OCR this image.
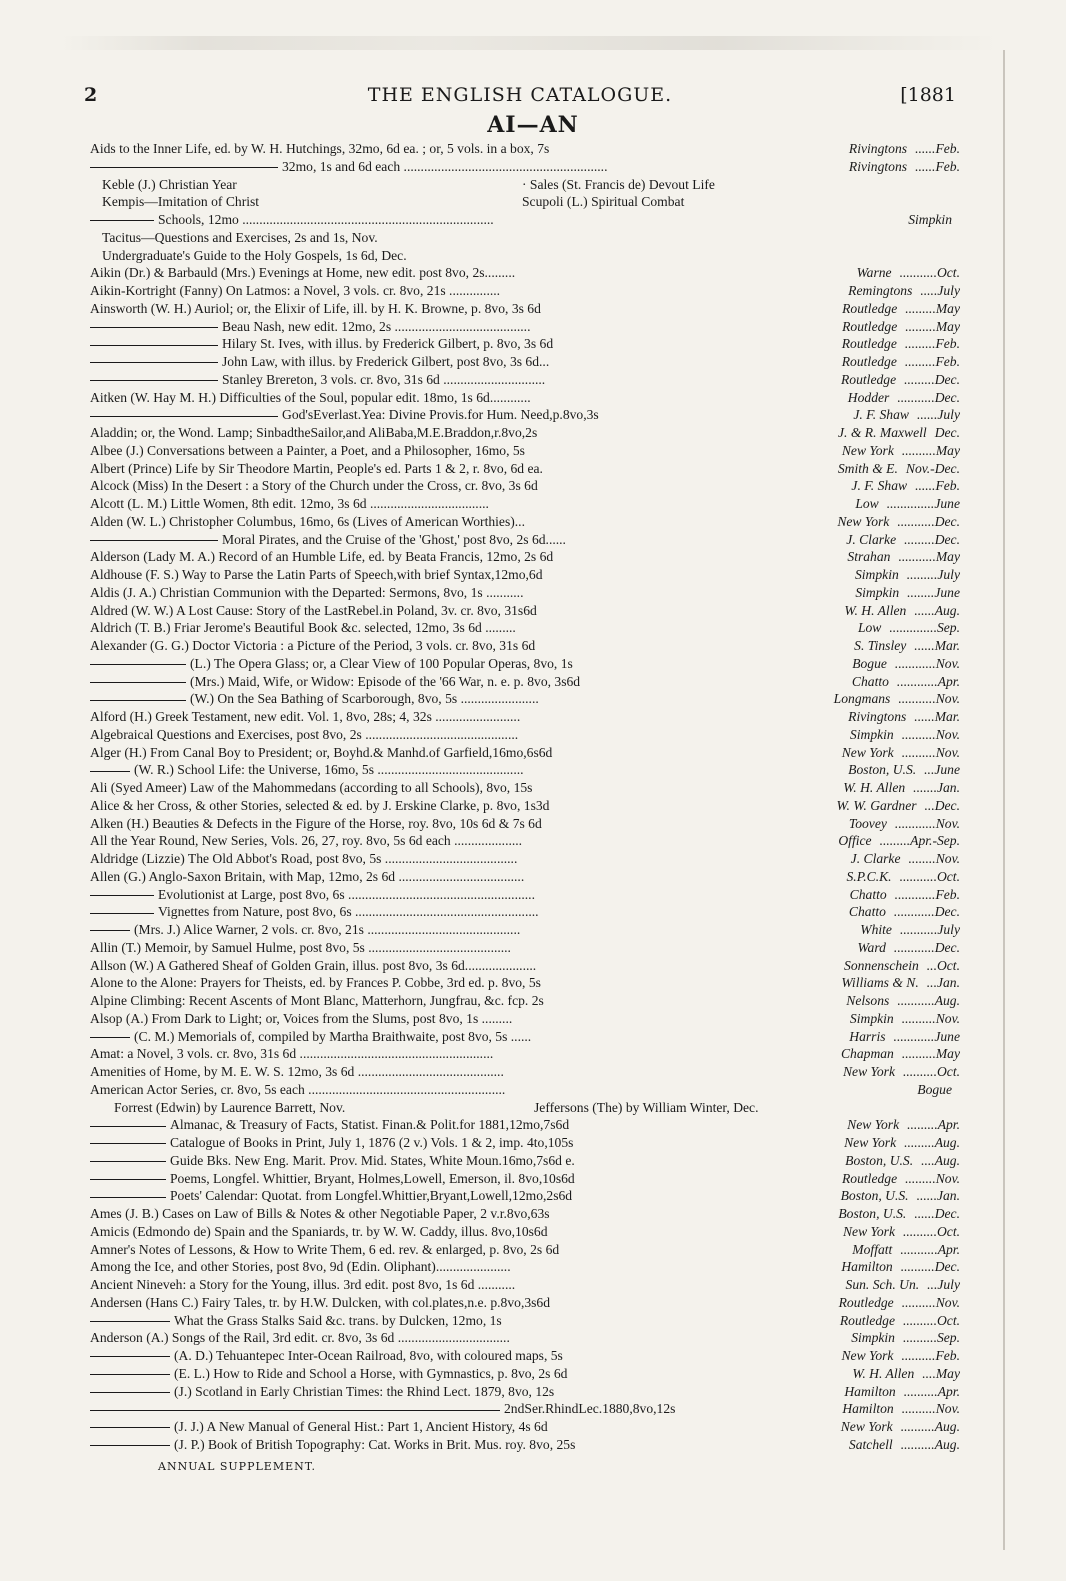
2	THE ENGLISH CATALOGUE.	[1881
AI—AN
Aids to the Inner Life, ed. by W. H. Hutchings, 32mo, 6d ea. ; or, 5 vols. in a box, 7s	Rivingtons ......Feb.
32mo, 1s and 6d each ............................................................	Rivingtons ......Feb.
Keble (J.) Christian Year	· Sales (St. Francis de) Devout Life
Kempis—Imitation of Christ	Scupoli (L.) Spiritual Combat
Schools, 12mo ..........................................................................	Simpkin
Tacitus—Questions and Exercises, 2s and 1s, Nov.
Undergraduate's Guide to the Holy Gospels, 1s 6d, Dec.
Aikin (Dr.) & Barbauld (Mrs.) Evenings at Home, new edit. post 8vo, 2s.........	Warne ...........Oct.
Aikin-Kortright (Fanny) On Latmos: a Novel, 3 vols. cr. 8vo, 21s ...............	Remingtons .....July
Ainsworth (W. H.) Auriol; or, the Elixir of Life, ill. by H. K. Browne, p. 8vo, 3s 6d	Routledge .........May
Beau Nash, new edit. 12mo, 2s ........................................	Routledge .........May
Hilary St. Ives, with illus. by Frederick Gilbert, p. 8vo, 3s 6d	Routledge .........Feb.
John Law, with illus. by Frederick Gilbert, post 8vo, 3s 6d...	Routledge .........Feb.
Stanley Brereton, 3 vols. cr. 8vo, 31s 6d ..............................	Routledge .........Dec.
Aitken (W. Hay M. H.) Difficulties of the Soul, popular edit. 18mo, 1s 6d............	Hodder ...........Dec.
God'sEverlast.Yea: Divine Provis.for Hum. Need,p.8vo,3s	J. F. Shaw ......July
Aladdin; or, the Wond. Lamp; SinbadtheSailor,and AliBaba,M.E.Braddon,r.8vo,2s	J. & R. Maxwell Dec.
Albee (J.) Conversations between a Painter, a Poet, and a Philosopher, 16mo, 5s	New York ..........May
Albert (Prince) Life by Sir Theodore Martin, People's ed. Parts 1 & 2, r. 8vo, 6d ea.	Smith & E. Nov.-Dec.
Alcock (Miss) In the Desert : a Story of the Church under the Cross, cr. 8vo, 3s 6d	J. F. Shaw ......Feb.
Alcott (L. M.) Little Women, 8th edit. 12mo, 3s 6d ...................................	Low ..............June
Alden (W. L.) Christopher Columbus, 16mo, 6s (Lives of American Worthies)...	New York ...........Dec.
Moral Pirates, and the Cruise of the 'Ghost,' post 8vo, 2s 6d......	J. Clarke .........Dec.
Alderson (Lady M. A.) Record of an Humble Life, ed. by Beata Francis, 12mo, 2s 6d	Strahan ...........May
Aldhouse (F. S.) Way to Parse the Latin Parts of Speech,with brief Syntax,12mo,6d	Simpkin .........July
Aldis (J. A.) Christian Communion with the Departed: Sermons, 8vo, 1s ...........	Simpkin ........June
Aldred (W. W.) A Lost Cause: Story of the LastRebel.in Poland, 3v. cr. 8vo, 31s6d	W. H. Allen ......Aug.
Aldrich (T. B.) Friar Jerome's Beautiful Book &c. selected, 12mo, 3s 6d .........	Low ..............Sep.
Alexander (G. G.) Doctor Victoria : a Picture of the Period, 3 vols. cr. 8vo, 31s 6d	S. Tinsley ......Mar.
(L.) The Opera Glass; or, a Clear View of 100 Popular Operas, 8vo, 1s	Bogue ............Nov.
(Mrs.) Maid, Wife, or Widow: Episode of the '66 War, n. e. p. 8vo, 3s6d	Chatto ............Apr.
(W.) On the Sea Bathing of Scarborough, 8vo, 5s .......................	Longmans ...........Nov.
Alford (H.) Greek Testament, new edit. Vol. 1, 8vo, 28s; 4, 32s .........................	Rivingtons ......Mar.
Algebraical Questions and Exercises, post 8vo, 2s .............................................	Simpkin ..........Nov.
Alger (H.) From Canal Boy to President; or, Boyhd.& Manhd.of Garfield,16mo,6s6d	New York ..........Nov.
(W. R.) School Life: the Universe, 16mo, 5s ...........................................	Boston, U.S. ...June
Ali (Syed Ameer) Law of the Mahommedans (according to all Schools), 8vo, 15s	W. H. Allen .......Jan.
Alice & her Cross, & other Stories, selected & ed. by J. Erskine Clarke, p. 8vo, 1s3d	W. W. Gardner ...Dec.
Alken (H.) Beauties & Defects in the Figure of the Horse, roy. 8vo, 10s 6d & 7s 6d	Toovey ............Nov.
All the Year Round, New Series, Vols. 26, 27, roy. 8vo, 5s 6d each ....................	Office .........Apr.-Sep.
Aldridge (Lizzie) The Old Abbot's Road, post 8vo, 5s .......................................	J. Clarke ........Nov.
Allen (G.) Anglo-Saxon Britain, with Map, 12mo, 2s 6d .....................................	S.P.C.K. ...........Oct.
Evolutionist at Large, post 8vo, 6s .......................................................	Chatto ............Feb.
Vignettes from Nature, post 8vo, 6s ......................................................	Chatto ............Dec.
(Mrs. J.) Alice Warner, 2 vols. cr. 8vo, 21s .............................................	White ...........July
Allin (T.) Memoir, by Samuel Hulme, post 8vo, 5s ..........................................	Ward ............Dec.
Allson (W.) A Gathered Sheaf of Golden Grain, illus. post 8vo, 3s 6d.....................	Sonnenschein ...Oct.
Alone to the Alone: Prayers for Theists, ed. by Frances P. Cobbe, 3rd ed. p. 8vo, 5s	Williams & N. ...Jan.
Alpine Climbing: Recent Ascents of Mont Blanc, Matterhorn, Jungfrau, &c. fcp. 2s	Nelsons ...........Aug.
Alsop (A.) From Dark to Light; or, Voices from the Slums, post 8vo, 1s .........	Simpkin ..........Nov.
(C. M.) Memorials of, compiled by Martha Braithwaite, post 8vo, 5s ......	Harris ............June
Amat: a Novel, 3 vols. cr. 8vo, 31s 6d .........................................................	Chapman ..........May
Amenities of Home, by M. E. W. S. 12mo, 3s 6d ...........................................	New York ..........Oct.
American Actor Series, cr. 8vo, 5s each ..........................................................	Bogue
Forrest (Edwin) by Laurence Barrett, Nov.	Jeffersons (The) by William Winter, Dec.
Almanac, & Treasury of Facts, Statist. Finan.& Polit.for 1881,12mo,7s6d	New York .........Apr.
Catalogue of Books in Print, July 1, 1876 (2 v.) Vols. 1 & 2, imp. 4to,105s	New York .........Aug.
Guide Bks. New Eng. Marit. Prov. Mid. States, White Moun.16mo,7s6d e.	Boston, U.S. ....Aug.
Poems, Longfel. Whittier, Bryant, Holmes,Lowell, Emerson, il. 8vo,10s6d	Routledge .........Nov.
Poets' Calendar: Quotat. from Longfel.Whittier,Bryant,Lowell,12mo,2s6d	Boston, U.S. ......Jan.
Ames (J. B.) Cases on Law of Bills & Notes & other Negotiable Paper, 2 v.r.8vo,63s	Boston, U.S. ......Dec.
Amicis (Edmondo de) Spain and the Spaniards, tr. by W. W. Caddy, illus. 8vo,10s6d	New York ..........Oct.
Amner's Notes of Lessons, & How to Write Them, 6 ed. rev. & enlarged, p. 8vo, 2s 6d	Moffatt ...........Apr.
Among the Ice, and other Stories, post 8vo, 9d (Edin. Oliphant)......................	Hamilton ..........Dec.
Ancient Nineveh: a Story for the Young, illus. 3rd edit. post 8vo, 1s 6d ...........	Sun. Sch. Un. ...July
Andersen (Hans C.) Fairy Tales, tr. by H.W. Dulcken, with col.plates,n.e. p.8vo,3s6d	Routledge ..........Nov.
What the Grass Stalks Said &c. trans. by Dulcken, 12mo, 1s	Routledge ..........Oct.
Anderson (A.) Songs of the Rail, 3rd edit. cr. 8vo, 3s 6d .................................	Simpkin ..........Sep.
(A. D.) Tehuantepec Inter-Ocean Railroad, 8vo, with coloured maps, 5s	New York ..........Feb.
(E. L.) How to Ride and School a Horse, with Gymnastics, p. 8vo, 2s 6d	W. H. Allen ....May
(J.) Scotland in Early Christian Times: the Rhind Lect. 1879, 8vo, 12s	Hamilton ..........Apr.
2ndSer.RhindLec.1880,8vo,12s	Hamilton ..........Nov.
(J. J.) A New Manual of General Hist.: Part 1, Ancient History, 4s 6d	New York ..........Aug.
(J. P.) Book of British Topography: Cat. Works in Brit. Mus. roy. 8vo, 25s	Satchell ..........Aug.
ANNUAL SUPPLEMENT.
